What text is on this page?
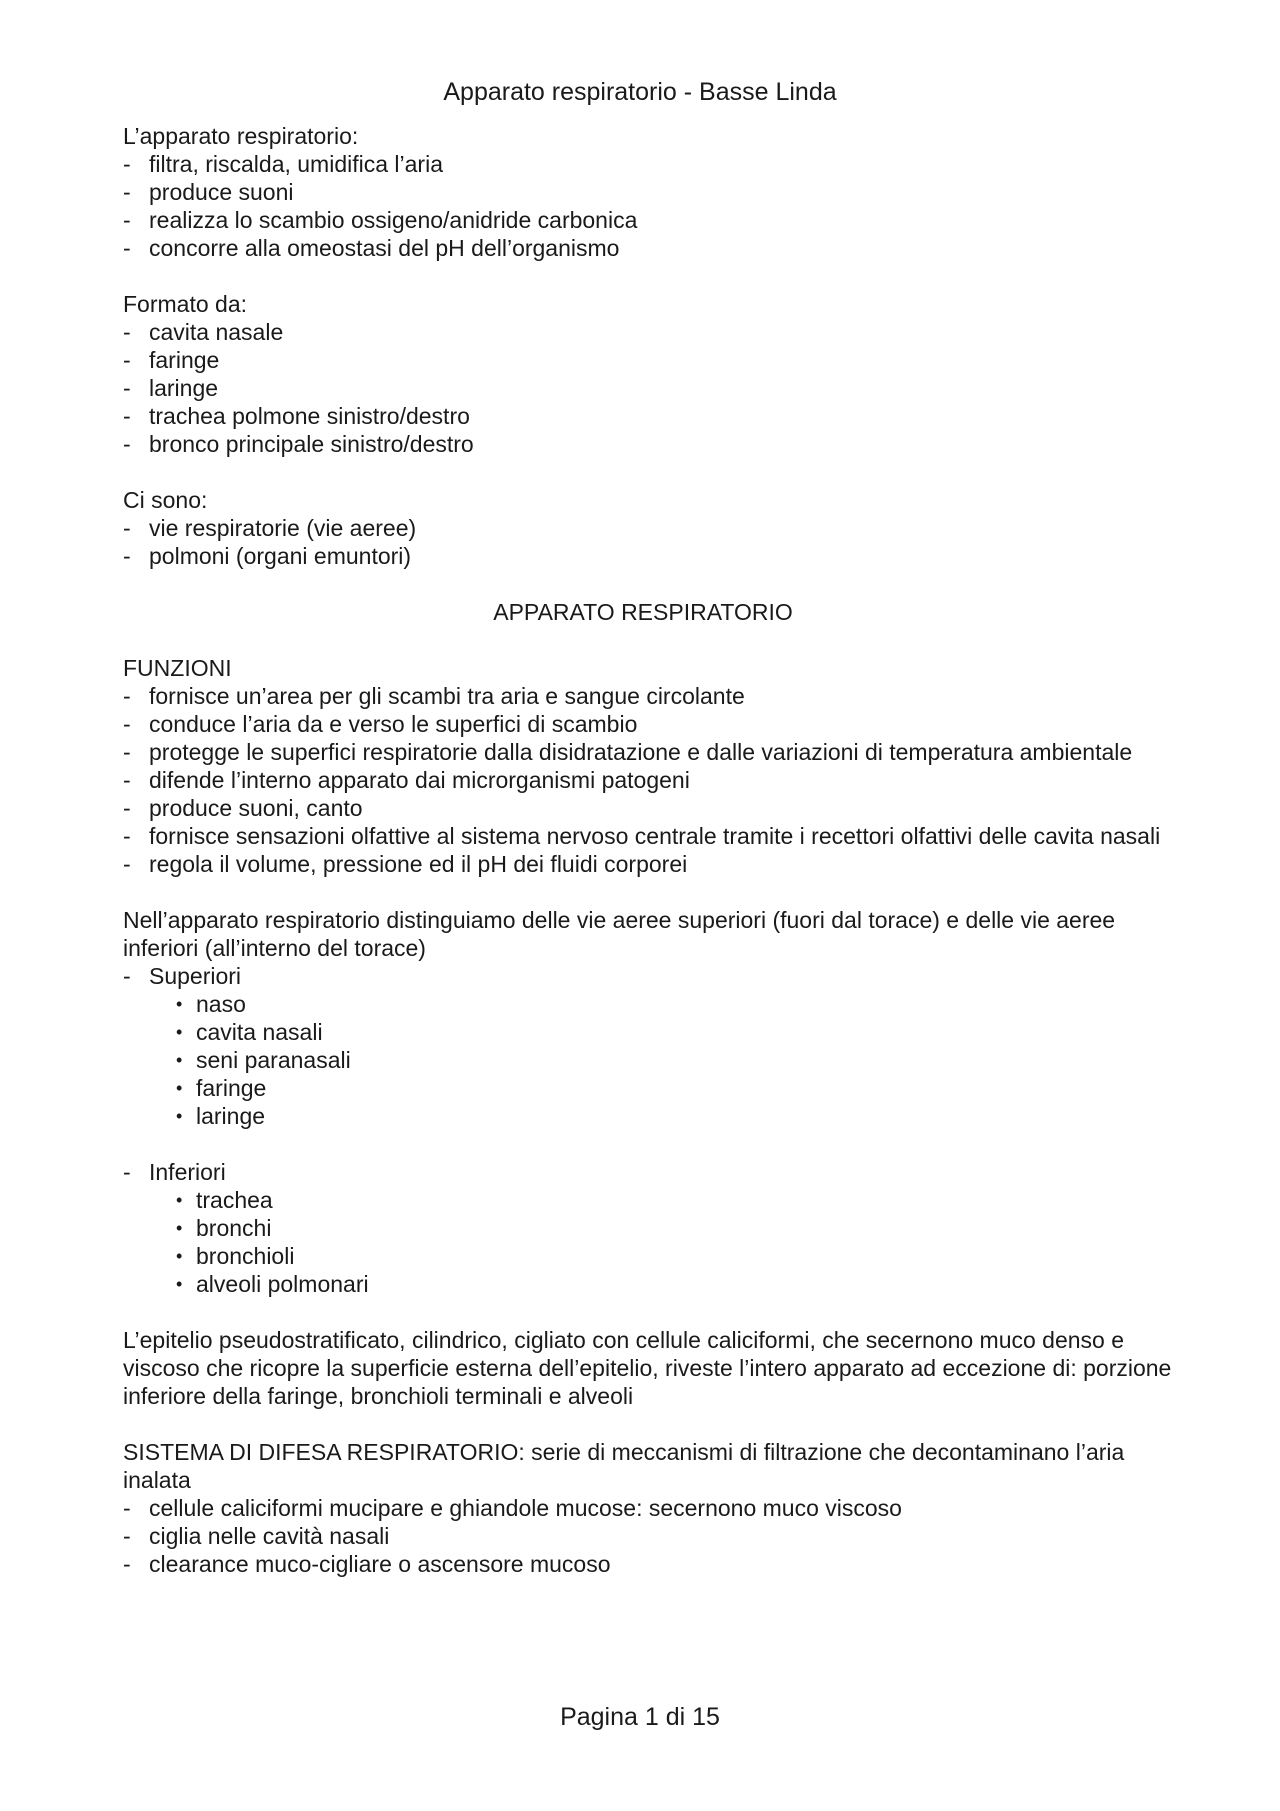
Apparato respiratorio - Basse Linda

L’apparato respiratorio:

- filtra, riscalda, umidifica l’aria
- produce suoni
- realizza lo scambio ossigeno/anidride carbonica
- concorre alla omeostasi del pH dell’organismo

Formato da:

- cavita nasale
- faringe
- laringe
- trachea polmone sinistro/destro
- bronco principale sinistro/destro

Ci sono:

- vie respiratorie (vie aeree)
- polmoni (organi emuntori)

APPARATO RESPIRATORIO

FUNZIONI

- fornisce un’area per gli scambi tra aria e sangue circolante
- conduce l’aria da e verso le superfici di scambio
- protegge le superfici respiratorie dalla disidratazione e dalle variazioni di temperatura ambientale
- difende l’interno apparato dai microrganismi patogeni
- produce suoni, canto
- fornisce sensazioni olfattive al sistema nervoso centrale tramite i recettori olfattivi delle cavita nasali
- regola il volume, pressione ed il pH dei fluidi corporei

Nell’apparato respiratorio distinguiamo delle vie aeree superiori (fuori dal torace) e delle vie aeree inferiori (all’interno del torace)

- Superiori
• naso
• cavita nasali
• seni paranasali
• faringe
• laringe
- Inferiori
• trachea
• bronchi
• bronchioli
• alveoli polmonari

L’epitelio pseudostratificato, cilindrico, cigliato con cellule caliciformi, che secernono muco denso e viscoso che ricopre la superficie esterna dell’epitelio, riveste l’intero apparato ad eccezione di: porzione inferiore della faringe, bronchioli terminali e alveoli

SISTEMA DI DIFESA RESPIRATORIO: serie di meccanismi di filtrazione che decontaminano l’aria inalata

- cellule caliciformi mucipare e ghiandole mucose: secernono muco viscoso
- ciglia nelle cavità nasali
- clearance muco-cigliare o ascensore mucoso
Pagina 1 di 15
